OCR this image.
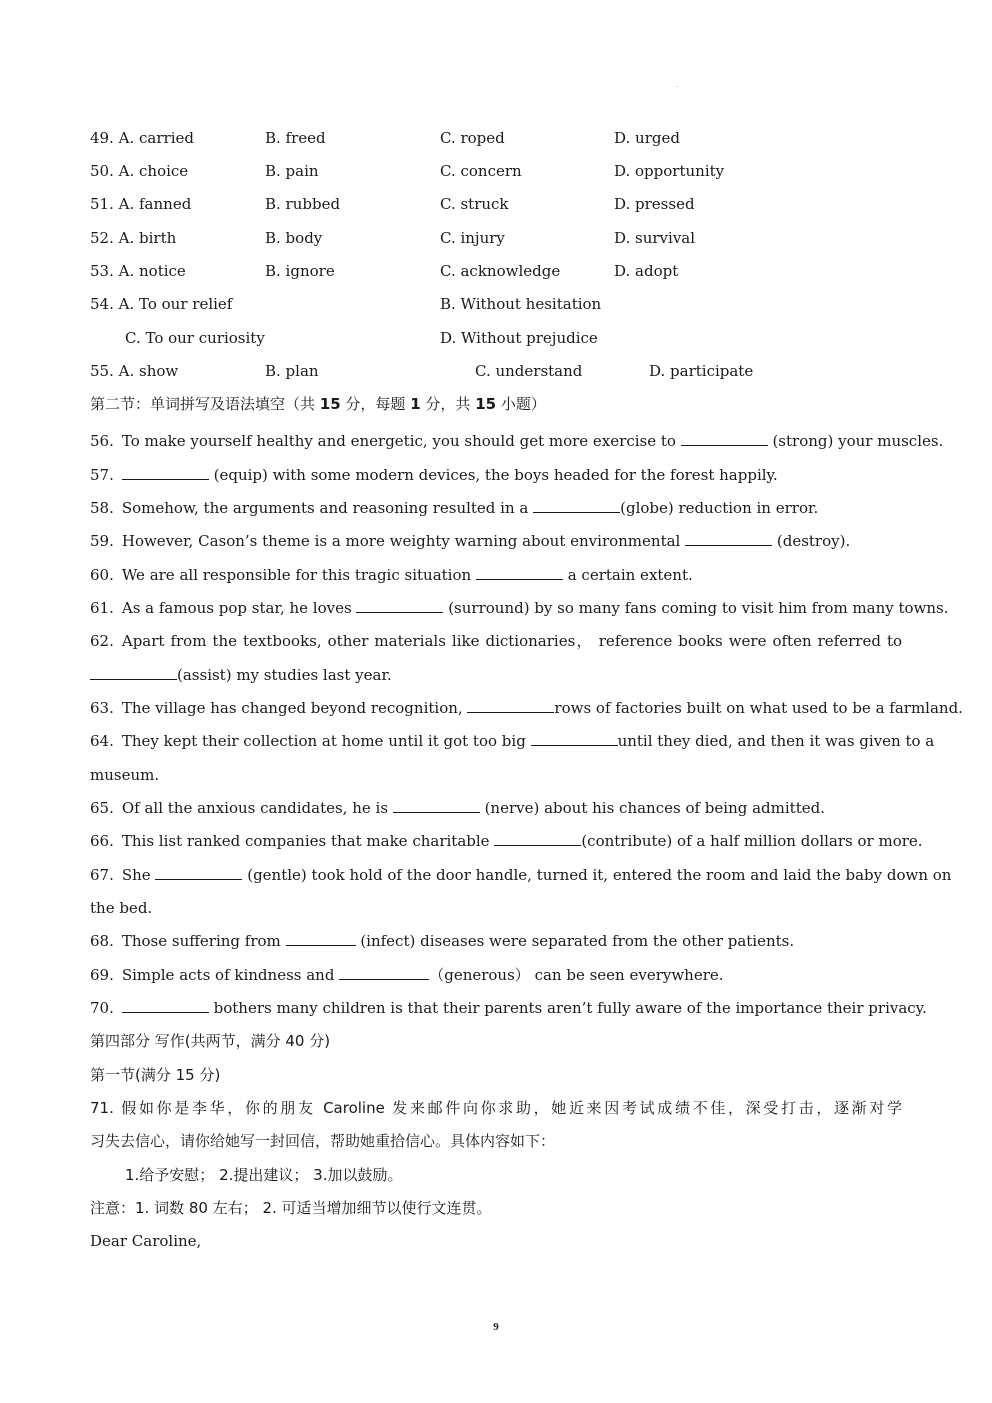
.
49. A. carried	B. freed	C. roped	D. urged
50. A. choice	B. pain	C. concern	D. opportunity
51. A. fanned	B. rubbed	C. struck	D. pressed
52. A. birth	B. body	C. injury	D. survival
53. A. notice	B. ignore	C. acknowledge	D. adopt
54. A. To our relief	B. Without hesitation
C. To our curiosity	D. Without prejudice
55. A. show	B. plan	C. understand	D. participate
第二节：单词拼写及语法填空（共 15 分，每题 1 分，共 15 小题）
56. To make yourself healthy and energetic, you should get more exercise to	(strong) your muscles.
57.	(equip) with some modern devices, the boys headed for the forest happily.
58. Somehow, the arguments and reasoning resulted in a	(globe) reduction in error.
59. However, Cason’s theme is a more weighty warning about environmental	(destroy).
60. We are all responsible for this tragic situation	a certain extent.
61. As a famous pop star, he loves	(surround) by so many fans coming to visit him from many towns.
62. Apart from the textbooks, other materials like dictionaries， reference books were often referred to
(assist) my studies last year.
63. The village has changed beyond recognition,	rows of factories built on what used to be a farmland.
64. They kept their collection at home until it got too big	until they died, and then it was given to a
museum.
65. Of all the anxious candidates, he is	(nerve) about his chances of being admitted.
66. This list ranked companies that make charitable	(contribute) of a half million dollars or more.
67. She	(gentle) took hold of the door handle, turned it, entered the room and laid the baby down on
the bed.
68. Those suffering from	(infect) diseases were separated from the other patients.
69. Simple acts of kindness and	（generous） can be seen everywhere.
70.	bothers many children is that their parents aren’t fully aware of the importance their privacy.
第四部分 写作(共两节，满分 40 分)
第一节(满分 15 分)
71. 假如你是李华，你的朋友 Caroline 发来邮件向你求助，她近来因考试成绩不佳，深受打击，逐渐对学
习失去信心，请你给她写一封回信，帮助她重拾信心。具体内容如下：
1.给予安慰； 2.提出建议； 3.加以鼓励。
注意：1. 词数 80 左右； 2. 可适当增加细节以使行文连贯。
Dear Caroline,
9
